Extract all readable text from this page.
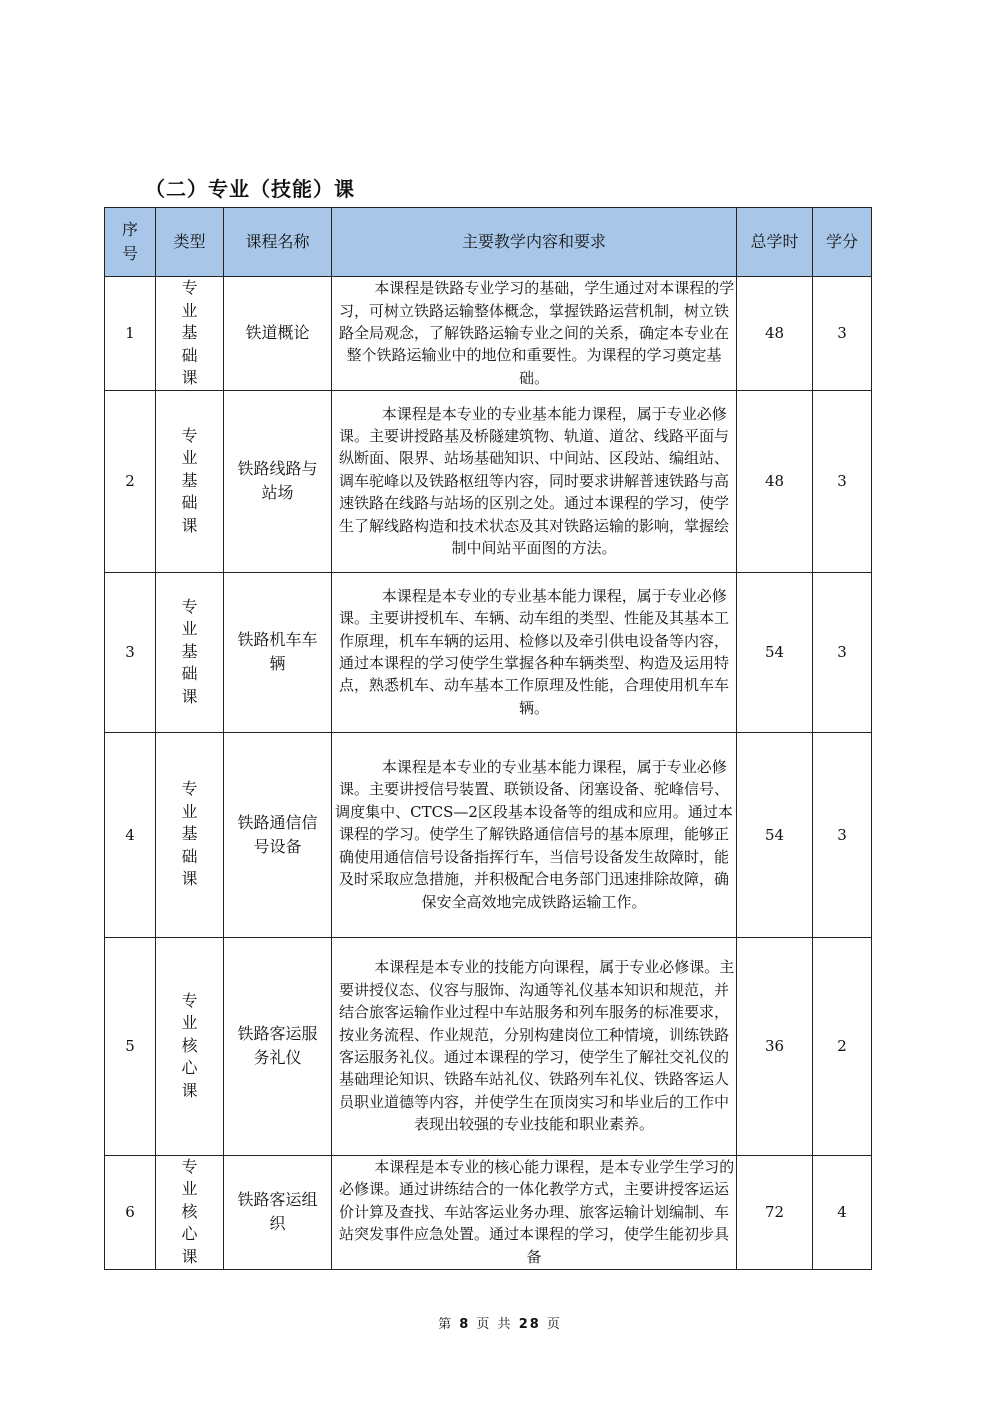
（二）专业（技能）课
序号	类型	课程名称	主要教学内容和要求	总学时	学分
1	专业基础课	铁道概论	本课程是铁路专业学习的基础，学生通过对本课程的学习，可树立铁路运输整体概念，掌握铁路运营机制，树立铁路全局观念，了解铁路运输专业之间的关系，确定本专业在整个铁路运输业中的地位和重要性。为课程的学习奠定基础。	48	3
2	专业基础课	铁路线路与站场	本课程是本专业的专业基本能力课程，属于专业必修课。主要讲授路基及桥隧建筑物、轨道、道岔、线路平面与纵断面、限界、站场基础知识、中间站、区段站、编组站、调车驼峰以及铁路枢纽等内容，同时要求讲解普速铁路与高速铁路在线路与站场的区别之处。通过本课程的学习，使学生了解线路构造和技术状态及其对铁路运输的影响，掌握绘制中间站平面图的方法。	48	3
3	专业基础课	铁路机车车辆	本课程是本专业的专业基本能力课程，属于专业必修课。主要讲授机车、车辆、动车组的类型、性能及其基本工作原理，机车车辆的运用、检修以及牵引供电设备等内容，通过本课程的学习使学生掌握各种车辆类型、构造及运用特点，熟悉机车、动车基本工作原理及性能，合理使用机车车辆。	54	3
4	专业基础课	铁路通信信号设备	本课程是本专业的专业基本能力课程，属于专业必修课。主要讲授信号装置、联锁设备、闭塞设备、驼峰信号、调度集中、CTCS—2区段基本设备等的组成和应用。通过本课程的学习。使学生了解铁路通信信号的基本原理，能够正确使用通信信号设备指挥行车，当信号设备发生故障时，能及时采取应急措施，并积极配合电务部门迅速排除故障，确保安全高效地完成铁路运输工作。	54	3
5	专业核心课	铁路客运服务礼仪	本课程是本专业的技能方向课程，属于专业必修课。主要讲授仪态、仪容与服饰、沟通等礼仪基本知识和规范，并结合旅客运输作业过程中车站服务和列车服务的标准要求，按业务流程、作业规范，分别构建岗位工种情境，训练铁路客运服务礼仪。通过本课程的学习，使学生了解社交礼仪的基础理论知识、铁路车站礼仪、铁路列车礼仪、铁路客运人员职业道德等内容，并使学生在顶岗实习和毕业后的工作中表现出较强的专业技能和职业素养。	36	2
6	专业核心课	铁路客运组织	本课程是本专业的核心能力课程，是本专业学生学习的必修课。通过讲练结合的一体化教学方式，主要讲授客运运价计算及查找、车站客运业务办理、旅客运输计划编制、车站突发事件应急处置。通过本课程的学习，使学生能初步具备	72	4
第 8 页 共 28 页
